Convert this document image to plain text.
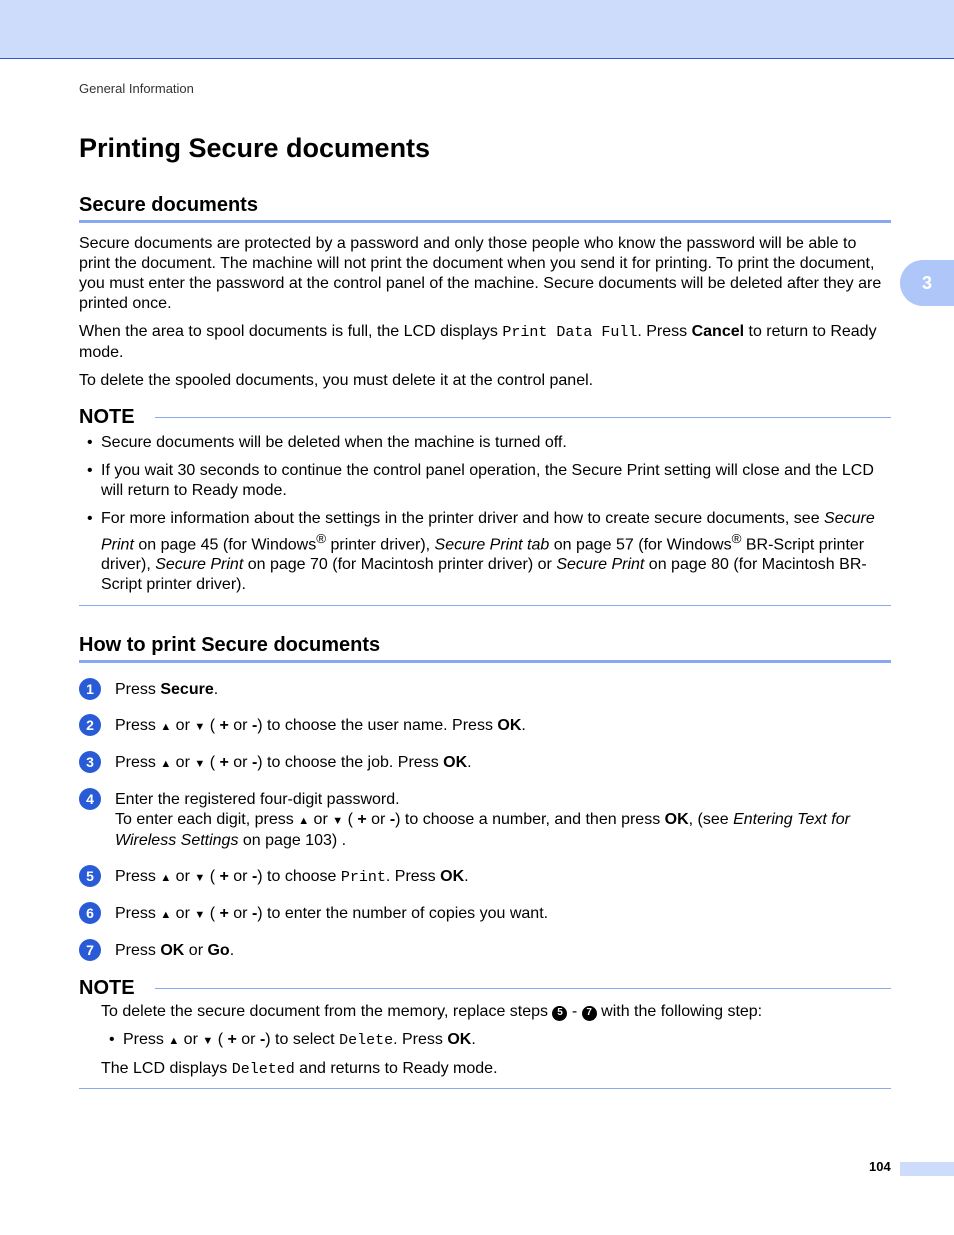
General Information
3
Printing Secure documents
Secure documents

Secure documents are protected by a password and only those people who know the password will be able to print the document. The machine will not print the document when you send it for printing. To print the document, you must enter the password at the control panel of the machine. Secure documents will be deleted after they are printed once.

When the area to spool documents is full, the LCD displays Print Data Full. Press Cancel to return to Ready mode.

To delete the spooled documents, you must delete it at the control panel.

NOTE
• Secure documents will be deleted when the machine is turned off.
• If you wait 30 seconds to continue the control panel operation, the Secure Print setting will close and the LCD will return to Ready mode.
• For more information about the settings in the printer driver and how to create secure documents, see Secure Print on page 45 (for Windows® printer driver), Secure Print tab on page 57 (for Windows® BR-Script printer driver), Secure Print on page 70 (for Macintosh printer driver) or Secure Print on page 80 (for Macintosh BR-Script printer driver).
How to print Secure documents
1	Press Secure.
2	Press ▲ or ▼ ( + or -) to choose the user name. Press OK.
3	Press ▲ or ▼ ( + or -) to choose the job. Press OK.
4	Enter the registered four-digit password.
To enter each digit, press ▲ or ▼ ( + or -) to choose a number, and then press OK, (see Entering Text for Wireless Settings on page 103) .
5	Press ▲ or ▼ ( + or -) to choose Print. Press OK.
6	Press ▲ or ▼ ( + or -) to enter the number of copies you want.
7	Press OK or Go.
NOTE

To delete the secure document from the memory, replace steps 5 - 7 with the following step:

• Press ▲ or ▼ ( + or -) to select Delete. Press OK.

The LCD displays Deleted and returns to Ready mode.

104
